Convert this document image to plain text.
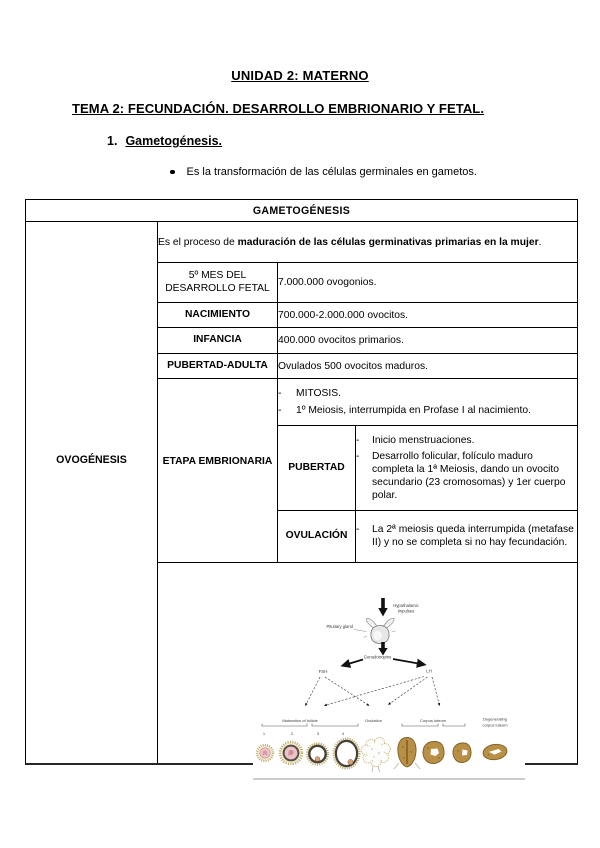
UNIDAD 2: MATERNO
TEMA 2: FECUNDACIÓN. DESARROLLO EMBRIONARIO Y FETAL.
1. Gametogénesis.
Es la transformación de las células germinales en gametos.
GAMETOGÉNESIS			
OVOGÉNESIS	Es el proceso de maduración de las células germinativas primarias en la mujer.		
	5º MES DEL DESARROLLO FETAL	7.000.000 ovogonios.	
	NACIMIENTO	700.000-2.000.000 ovocitos.	
	INFANCIA	400.000 ovocitos primarios.	
	PUBERTAD-ADULTA	Ovulados 500 ovocitos maduros.	
	ETAPA EMBRIONARIA	- MITOSIS.
- 1º Meiosis, interrumpida en Profase I al nacimiento.	

		PUBERTAD	- Inicio menstruaciones.
- Desarrollo folicular, folículo maduro completa la 1ª Meiosis, dando un ovocito secundario (23 cromosomas) y 1er cuerpo polar.

		OVULACIÓN	- La 2ª meiosis queda interrumpida (metafase II) y no se completa si no hay fecundación.

Hypothalamic
impulses
Pituitary gland
Gonadotropins
FSH	LH
Maturation of follicle
1	2	3	4
Ovulation	Corpus luteum	Degenerating
corpus luteum
